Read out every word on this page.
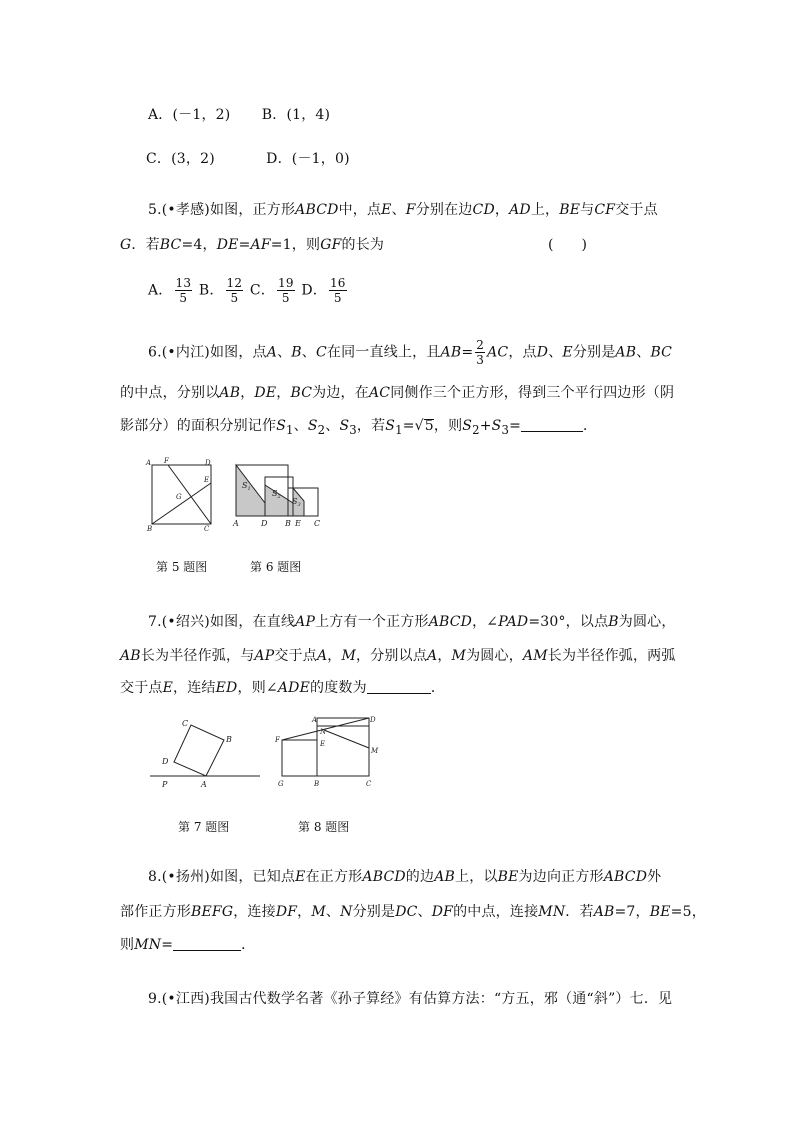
A．(－1，2) B．(1，4)
C．(3，2)	D．(－1，0)
5.(•孝感)如图，正方形ABCD中，点E、F分别在边CD，AD上，BE与CF交于点
G．若BC=4，DE=AF=1，则GF的长为	(　　)
A． $\frac{13}{5}$ B． $\frac{12}{5}$ C． $\frac{19}{5}$ D． $\frac{16}{5}$
6.(•内江)如图，点A、B、C在同一直线上，且$AB= \frac{2}{3}$ AC，点D、E分别是AB、BC
的中点，分别以AB，DE，BC为边，在AC同侧作三个正方形，得到三个平行四边形（阴
影部分）的面积分别记作$S_1$、$S_2$、$S_3$，若$S_1=√5$，则$S_2+S_3=$	．
A F	D
E
G
B	C
$S_1$	$S_2$ $S_3$
A	D B E C
第 5 题图	第 6 题图
7.(•绍兴)如图，在直线AP上方有一个正方形ABCD，∠PAD=30°，以点B为圆心，
AB长为半径作弧，与AP交于点A，M，分别以点A，M为圆心，AM长为半径作弧，两弧
交于点E，连结ED，则∠ADE的度数为	．
C
B
D
P	A
A	D
F
N
E
M
G	B	C
第 7 题图	第 8 题图
8.(•扬州)如图，已知点E在正方形ABCD的边AB上，以BE为边向正方形ABCD外
部作正方形BEFG，连接DF，M、N分别是DC、DF的中点，连接MN．若AB=7，BE=5，
则MN=	．
9.(•江西)我国古代数学名著《孙子算经》有估算方法：“方五，邪（通“斜”）七．见
